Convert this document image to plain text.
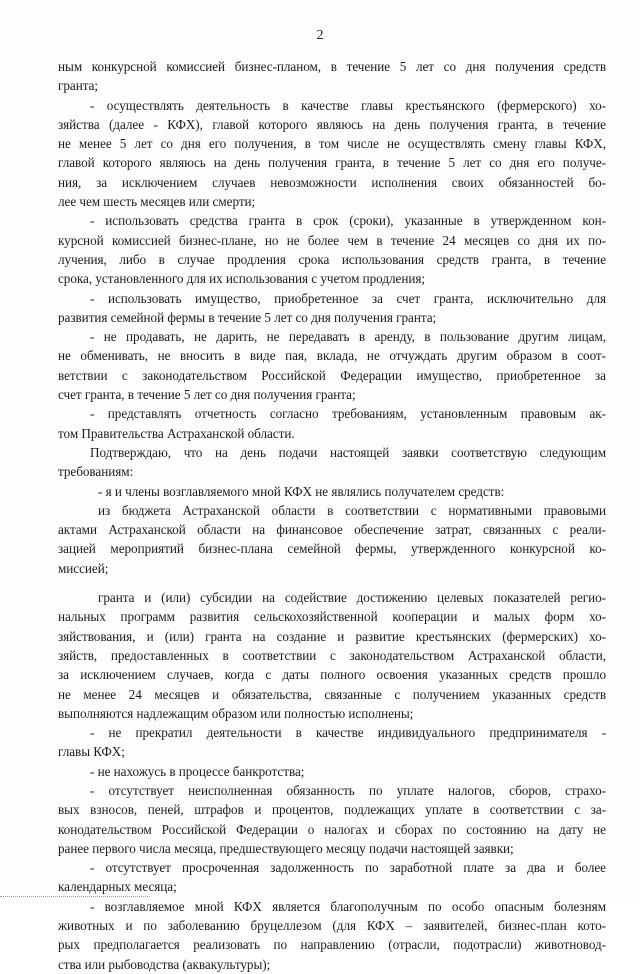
2
ным конкурсной комиссией бизнес-планом, в течение 5 лет со дня получения средств
гранта;
- осуществлять деятельность в качестве главы крестьянского (фермерского) хо-
зяйства (далее - КФХ), главой которого являюсь на день получения гранта, в течение
не менее 5 лет со дня его получения, в том числе не осуществлять смену главы КФХ,
главой которого являюсь на день получения гранта, в течение 5 лет со дня его получе-
ния, за исключением случаев невозможности исполнения своих обязанностей бо-
лее чем шесть месяцев или смерти;
- использовать средства гранта в срок (сроки), указанные в утвержденном кон-
курсной комиссией бизнес-плане, но не более чем в течение 24 месяцев со дня их по-
лучения, либо в случае продления срока использования средств гранта, в течение
срока, установленного для их использования с учетом продления;
- использовать имущество, приобретенное за счет гранта, исключительно для
развития семейной фермы в течение 5 лет со дня получения гранта;
- не продавать, не дарить, не передавать в аренду, в пользование другим лицам,
не обменивать, не вносить в виде пая, вклада, не отчуждать другим образом в соот-
ветствии с законодательством Российской Федерации имущество, приобретенное за
счет гранта, в течение 5 лет со дня получения гранта;
- представлять отчетность согласно требованиям, установленным правовым ак-
том Правительства Астраханской области.
Подтверждаю, что на день подачи настоящей заявки соответствую следующим
требованиям:
- я и члены возглавляемого мной КФХ не являлись получателем средств:
из бюджета Астраханской области в соответствии с нормативными правовыми
актами Астраханской области на финансовое обеспечение затрат, связанных с реали-
зацией мероприятий бизнес-плана семейной фермы, утвержденного конкурсной ко-
миссией;
гранта и (или) субсидии на содействие достижению целевых показателей регио-
нальных программ развития сельскохозяйственной кооперации и малых форм хо-
зяйствования, и (или) гранта на создание и развитие крестьянских (фермерских) хо-
зяйств, предоставленных в соответствии с законодательством Астраханской области,
за исключением случаев, когда с даты полного освоения указанных средств прошло
не менее 24 месяцев и обязательства, связанные с получением указанных средств
выполняются надлежащим образом или полностью исполнены;
- не прекратил деятельности в качестве индивидуального предпринимателя -
главы КФХ;
- не нахожусь в процессе банкротства;
- отсутствует неисполненная обязанность по уплате налогов, сборов, страхо-
вых взносов, пеней, штрафов и процентов, подлежащих уплате в соответствии с за-
конодательством Российской Федерации о налогах и сборах по состоянию на дату не
ранее первого числа месяца, предшествующего месяцу подачи настоящей заявки;
- отсутствует просроченная задолженность по заработной плате за два и более
календарных месяца;
- возглавляемое мной КФХ является благополучным по особо опасным болезням
животных и по заболеванию бруцеллезом (для КФХ – заявителей, бизнес-план кото-
рых предполагается реализовать по направлению (отрасли, подотрасли) животновод-
ства или рыбоводства (аквакультуры);
